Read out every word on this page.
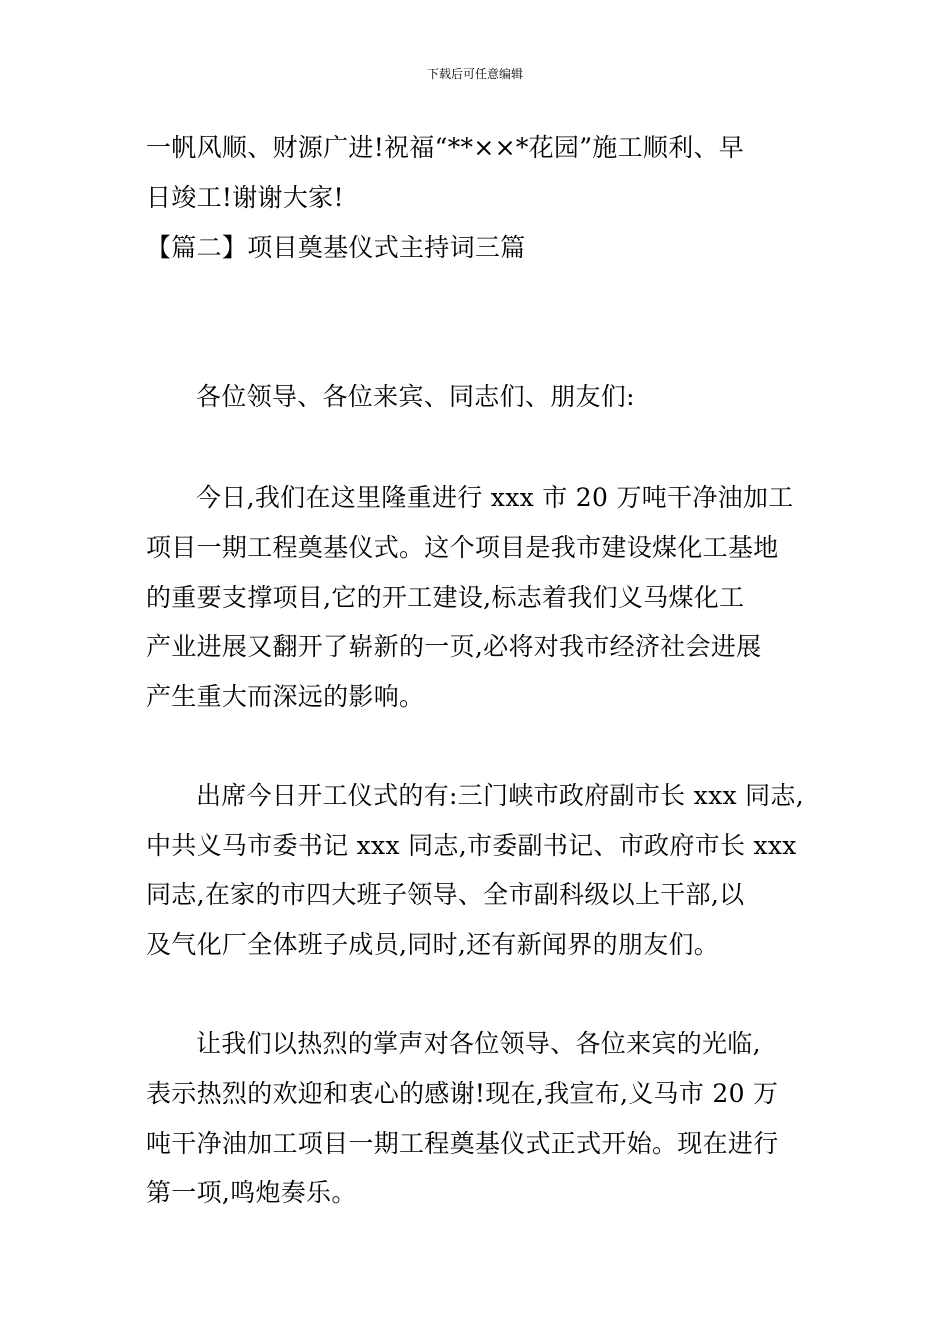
下载后可任意编辑
一帆风顺、财源广进!祝福“**××*花园”施工顺利、早
日竣工!谢谢大家!
【篇二】项目奠基仪式主持词三篇
各位领导、各位来宾、同志们、朋友们:
今日,我们在这里隆重进行 xxx 市 20 万吨干净油加工
项目一期工程奠基仪式。这个项目是我市建设煤化工基地
的重要支撑项目,它的开工建设,标志着我们义马煤化工
产业进展又翻开了崭新的一页,必将对我市经济社会进展
产生重大而深远的影响。
出席今日开工仪式的有:三门峡市政府副市长 xxx 同志,
中共义马市委书记 xxx 同志,市委副书记、市政府市长 xxx
同志,在家的市四大班子领导、全市副科级以上干部,以
及气化厂全体班子成员,同时,还有新闻界的朋友们。
让我们以热烈的掌声对各位领导、各位来宾的光临,
表示热烈的欢迎和衷心的感谢!现在,我宣布,义马市 20 万
吨干净油加工项目一期工程奠基仪式正式开始。现在进行
第一项,鸣炮奏乐。
